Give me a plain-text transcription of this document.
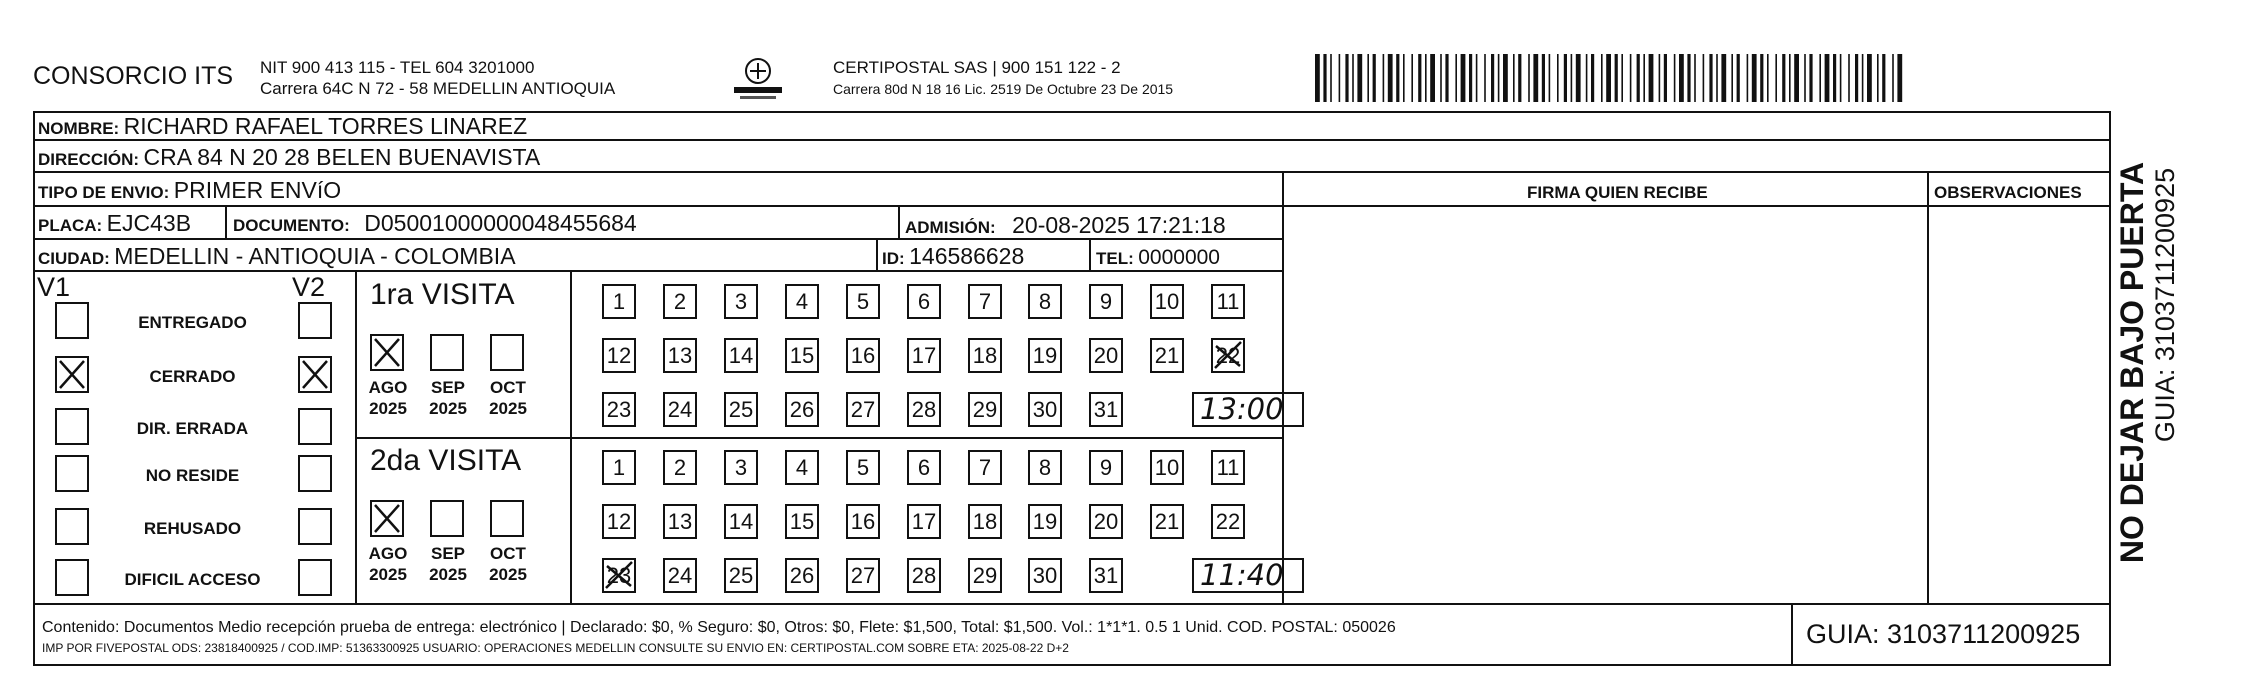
CONSORCIO ITS NIT 900 413 115 - TEL 604 3201000
Carrera 64C N 72 - 58 MEDELLIN ANTIOQUIA
CERTIPOSTAL SAS | 900 151 122 - 2
Carrera 80d N 18 16 Lic. 2519 De Octubre 23 De 2015
NOMBRE: RICHARD RAFAEL TORRES LINAREZ
DIRECCIÓN: CRA 84 N 20 28 BELEN BUENAVISTA
TIPO DE ENVIO: PRIMER ENVíO	FIRMA QUIEN RECIBE	OBSERVACIONES
PLACA: EJC43B DOCUMENTO: D05001000000048455684	ADMISIÓN: 20-08-2025 17:21:18
CIUDAD: MEDELLIN - ANTIOQUIA - COLOMBIA	ID: 146586628	TEL: 0000000
V1	V2
ENTREGADO
CERRADO
DIR. ERRADA
NO RESIDE
REHUSADO
DIFICIL ACCESO
1ra VISITA
AGO
2025
SEP
2025
OCT
2025
1	2	3	4	5	6	7	8	9	10 11
12 13 14 15 16 17 18 19 20 21 22
23 24 25 26 27 28 29 30 31	13:00
2da VISITA
AGO
2025
SEP
2025
OCT
2025
1	2	3	4	5	6	7	8	9	10 11
12 13 14 15 16 17 18 19 20 21 22
23 24 25 26 27 28 29 30 31	11:40
Contenido: Documentos Medio recepción prueba de entrega: electrónico | Declarado: $0, % Seguro: $0, Otros: $0, Flete: $1,500, Total: $1,500. Vol.: 1*1*1. 0.5 1 Unid. COD. POSTAL: 050026
IMP POR FIVEPOSTAL ODS: 23818400925 / COD.IMP: 51363300925 USUARIO: OPERACIONES MEDELLIN CONSULTE SU ENVIO EN: CERTIPOSTAL.COM SOBRE ETA: 2025-08-22 D+2	GUIA: 3103711200925
NO DEJAR BAJO PUERTA GUIA: 3103711200925
